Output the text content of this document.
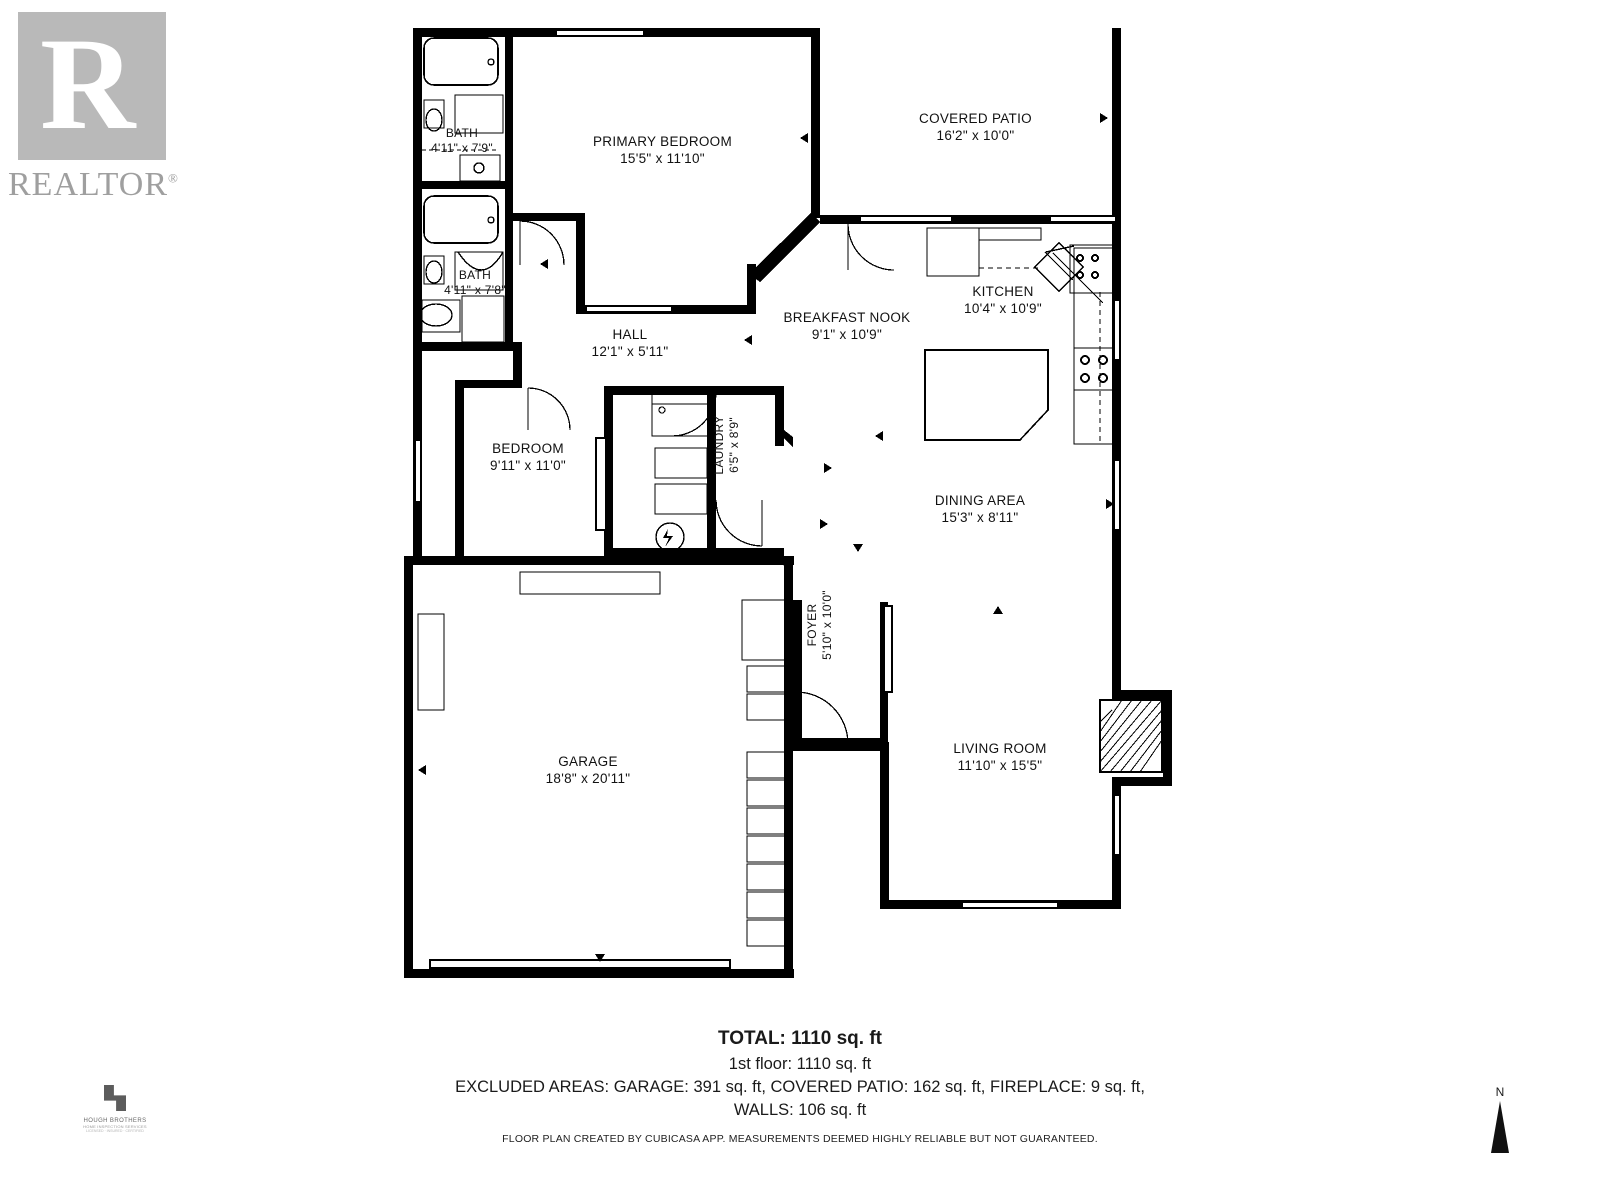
R
REALTOR®
BATH
4'11" x 7'9"	PRIMARY BEDROOM
15'5" x 11'10"
COVERED PATIO
16'2" x 10'0"
BATH
4'11" x 7'8"	KITCHEN
10'4" x 10'9"
BREAKFAST NOOK
9'1" x 10'9"
HALL
12'1" x 5'11"
BEDROOM
9'11" x 11'0"	LAUNDRY 6'5" x 8'9"
DINING AREA
15'3" x 8'11"
FOYER 5'10" x 10'0"
GARAGE
18'8" x 20'11"
LIVING ROOM
11'10" x 15'5"
TOTAL: 1110 sq. ft
1st floor: 1110 sq. ft
EXCLUDED AREAS: GARAGE: 391 sq. ft, COVERED PATIO: 162 sq. ft, FIREPLACE: 9 sq. ft,
WALLS: 106 sq. ft
FLOOR PLAN CREATED BY CUBICASA APP. MEASUREMENTS DEEMED HIGHLY RELIABLE BUT NOT GUARANTEED.
HOUGH BROTHERS
HOME INSPECTION SERVICES
LICENSED · INSURED · CERTIFIED
N
